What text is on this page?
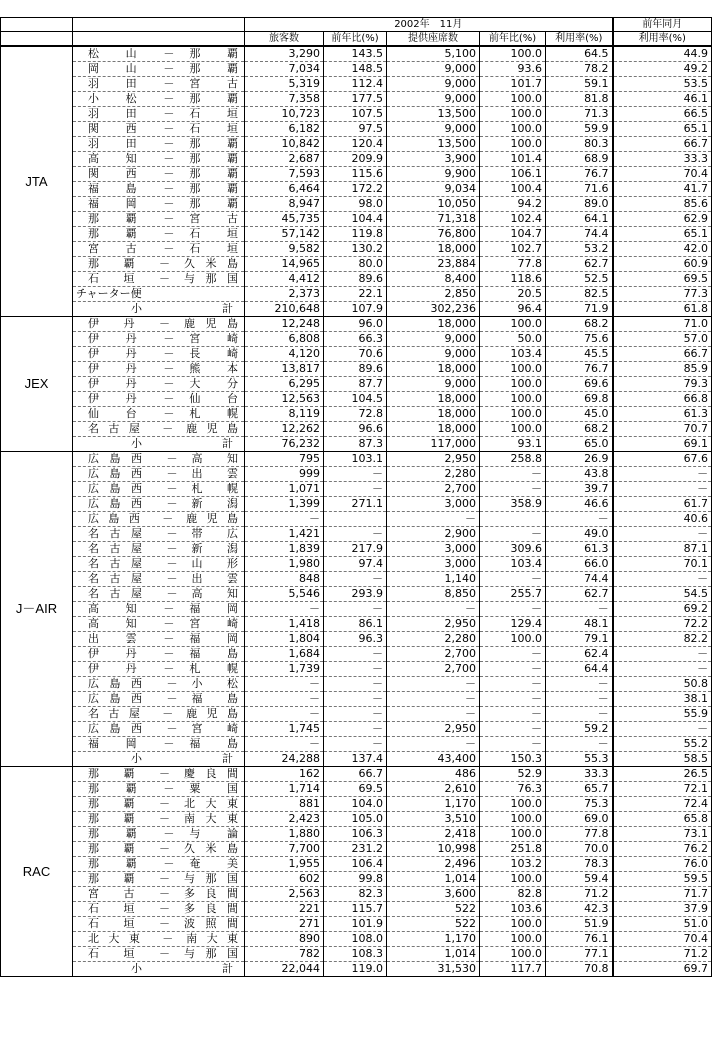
		2002年　11月					前年同月
		旅客数	前年比(%)	提供座席数	前年比(%)	利用率(%)	利用率(%)
JTA	松 山 － 那 覇	3,290	143.5	5,100	100.0	64.5	44.9
	岡 山 － 那 覇	7,034	148.5	9,000	93.6	78.2	49.2
	羽 田 － 宮 古	5,319	112.4	9,000	101.7	59.1	53.5
	小 松 － 那 覇	7,358	177.5	9,000	100.0	81.8	46.1
	羽 田 － 石 垣	10,723	107.5	13,500	100.0	71.3	66.5
	関 西 － 石 垣	6,182	97.5	9,000	100.0	59.9	65.1
	羽 田 － 那 覇	10,842	120.4	13,500	100.0	80.3	66.7
	高 知 － 那 覇	2,687	209.9	3,900	101.4	68.9	33.3
	関 西 － 那 覇	7,593	115.6	9,900	106.1	76.7	70.4
	福 島 － 那 覇	6,464	172.2	9,034	100.4	71.6	41.7
	福 岡 － 那 覇	8,947	98.0	10,050	94.2	89.0	85.6
	那 覇 － 宮 古	45,735	104.4	71,318	102.4	64.1	62.9
	那 覇 － 石 垣	57,142	119.8	76,800	104.7	74.4	65.1
	宮 古 － 石 垣	9,582	130.2	18,000	102.7	53.2	42.0
	那 覇 － 久米島	14,965	80.0	23,884	77.8	62.7	60.9
	石 垣 － 与那国	4,412	89.6	8,400	118.6	52.5	69.5
	チャーター便	2,373	22.1	2,850	20.5	82.5	77.3

	小 計	210,648	107.9	302,236	96.4	71.9	61.8
JEX	伊 丹 － 鹿児島	12,248	96.0	18,000	100.0	68.2	71.0
	伊 丹 － 宮 崎	6,808	66.3	9,000	50.0	75.6	57.0
	伊 丹 － 長 崎	4,120	70.6	9,000	103.4	45.5	66.7
	伊 丹 － 熊 本	13,817	89.6	18,000	100.0	76.7	85.9
	伊 丹 － 大 分	6,295	87.7	9,000	100.0	69.6	79.3
	伊 丹 － 仙 台	12,563	104.5	18,000	100.0	69.8	66.8
	仙 台 － 札 幌	8,119	72.8	18,000	100.0	45.0	61.3
	名古屋 － 鹿児島	12,262	96.6	18,000	100.0	68.2	70.7

	小 計	76,232	87.3	117,000	93.1	65.0	69.1
J－AIR	広島西 － 高 知	795	103.1	2,950	258.8	26.9	67.6
	広島西 － 出 雲	999	－	2,280	－	43.8	－
	広島西 － 札 幌	1,071	－	2,700	－	39.7	－
	広島西 － 新 潟	1,399	271.1	3,000	358.9	46.6	61.7
	広島西 － 鹿児島	－		－		－	40.6
	名古屋 － 帯 広	1,421	－	2,900	－	49.0	－
	名古屋 － 新 潟	1,839	217.9	3,000	309.6	61.3	87.1
	名古屋 － 山 形	1,980	97.4	3,000	103.4	66.0	70.1
	名古屋 － 出 雲	848	－	1,140	－	74.4	－
	名古屋 － 高 知	5,546	293.9	8,850	255.7	62.7	54.5
	高 知 － 福 岡	－	－	－	－	－	69.2
	高 知 － 宮 崎	1,418	86.1	2,950	129.4	48.1	72.2
	出 雲 － 福 岡	1,804	96.3	2,280	100.0	79.1	82.2
	伊 丹 － 福 島	1,684	－	2,700	－	62.4	－
	伊 丹 － 札 幌	1,739	－	2,700	－	64.4	－
	広島西 － 小 松	－	－	－	－	－	50.8
	広島西 － 福 島	－	－	－	－	－	38.1
	名古屋 － 鹿児島	－	－	－	－	－	55.9
	広島西 － 宮 崎	1,745	－	2,950	－	59.2	－
	福 岡 － 福 島	－	－	－	－	－	55.2

	小 計	24,288	137.4	43,400	150.3	55.3	58.5
RAC	那 覇 － 慶良間	162	66.7	486	52.9	33.3	26.5
	那 覇 － 粟 国	1,714	69.5	2,610	76.3	65.7	72.1
	那 覇 － 北大東	881	104.0	1,170	100.0	75.3	72.4
	那 覇 － 南大東	2,423	105.0	3,510	100.0	69.0	65.8
	那 覇 － 与 論	1,880	106.3	2,418	100.0	77.8	73.1
	那 覇 － 久米島	7,700	231.2	10,998	251.8	70.0	76.2
	那 覇 － 奄 美	1,955	106.4	2,496	103.2	78.3	76.0
	那 覇 － 与那国	602	99.8	1,014	100.0	59.4	59.5
	宮 古 － 多良間	2,563	82.3	3,600	82.8	71.2	71.7
	石 垣 － 多良間	221	115.7	522	103.6	42.3	37.9
	石 垣 － 波照間	271	101.9	522	100.0	51.9	51.0
	北大東 － 南大東	890	108.0	1,170	100.0	76.1	70.4
	石 垣 － 与那国	782	108.3	1,014	100.0	77.1	71.2

	小 計	22,044	119.0	31,530	117.7	70.8	69.7
